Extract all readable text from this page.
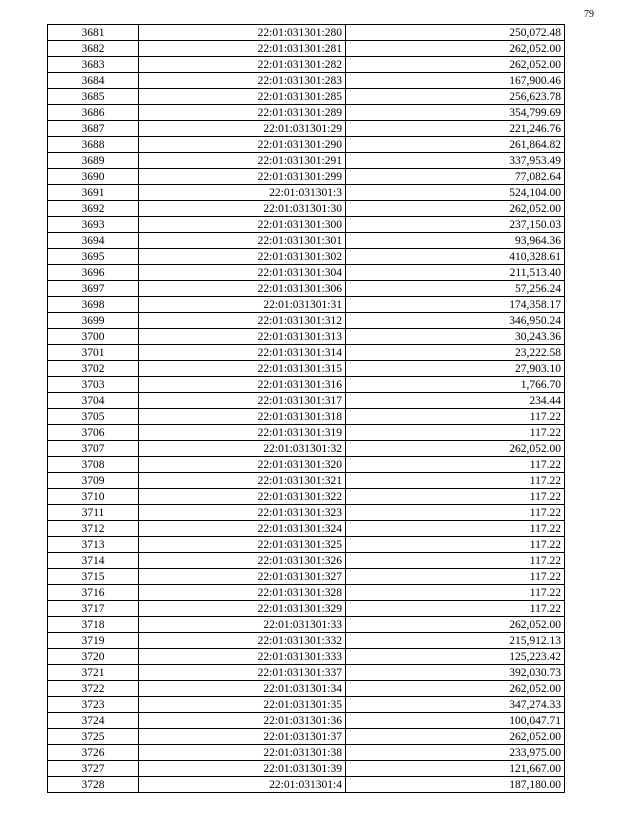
79
3681	22:01:031301:280	250,072.48
3682	22:01:031301:281	262,052.00
3683	22:01:031301:282	262,052.00
3684	22:01:031301:283	167,900.46
3685	22:01:031301:285	256,623.78
3686	22:01:031301:289	354,799.69
3687	22:01:031301:29	221,246.76
3688	22:01:031301:290	261,864.82
3689	22:01:031301:291	337,953.49
3690	22:01:031301:299	77,082.64
3691	22:01:031301:3	524,104.00
3692	22:01:031301:30	262,052.00
3693	22:01:031301:300	237,150.03
3694	22:01:031301:301	93,964.36
3695	22:01:031301:302	410,328.61
3696	22:01:031301:304	211,513.40
3697	22:01:031301:306	57,256.24
3698	22:01:031301:31	174,358.17
3699	22:01:031301:312	346,950.24
3700	22:01:031301:313	30,243.36
3701	22:01:031301:314	23,222.58
3702	22:01:031301:315	27,903.10
3703	22:01:031301:316	1,766.70
3704	22:01:031301:317	234.44
3705	22:01:031301:318	117.22
3706	22:01:031301:319	117.22
3707	22:01:031301:32	262,052.00
3708	22:01:031301:320	117.22
3709	22:01:031301:321	117.22
3710	22:01:031301:322	117.22
3711	22:01:031301:323	117.22
3712	22:01:031301:324	117.22
3713	22:01:031301:325	117.22
3714	22:01:031301:326	117.22
3715	22:01:031301:327	117.22
3716	22:01:031301:328	117.22
3717	22:01:031301:329	117.22
3718	22:01:031301:33	262,052.00
3719	22:01:031301:332	215,912.13
3720	22:01:031301:333	125,223.42
3721	22:01:031301:337	392,030.73
3722	22:01:031301:34	262,052.00
3723	22:01:031301:35	347,274.33
3724	22:01:031301:36	100,047.71
3725	22:01:031301:37	262,052.00
3726	22:01:031301:38	233,975.00
3727	22:01:031301:39	121,667.00
3728	22:01:031301:4	187,180.00
